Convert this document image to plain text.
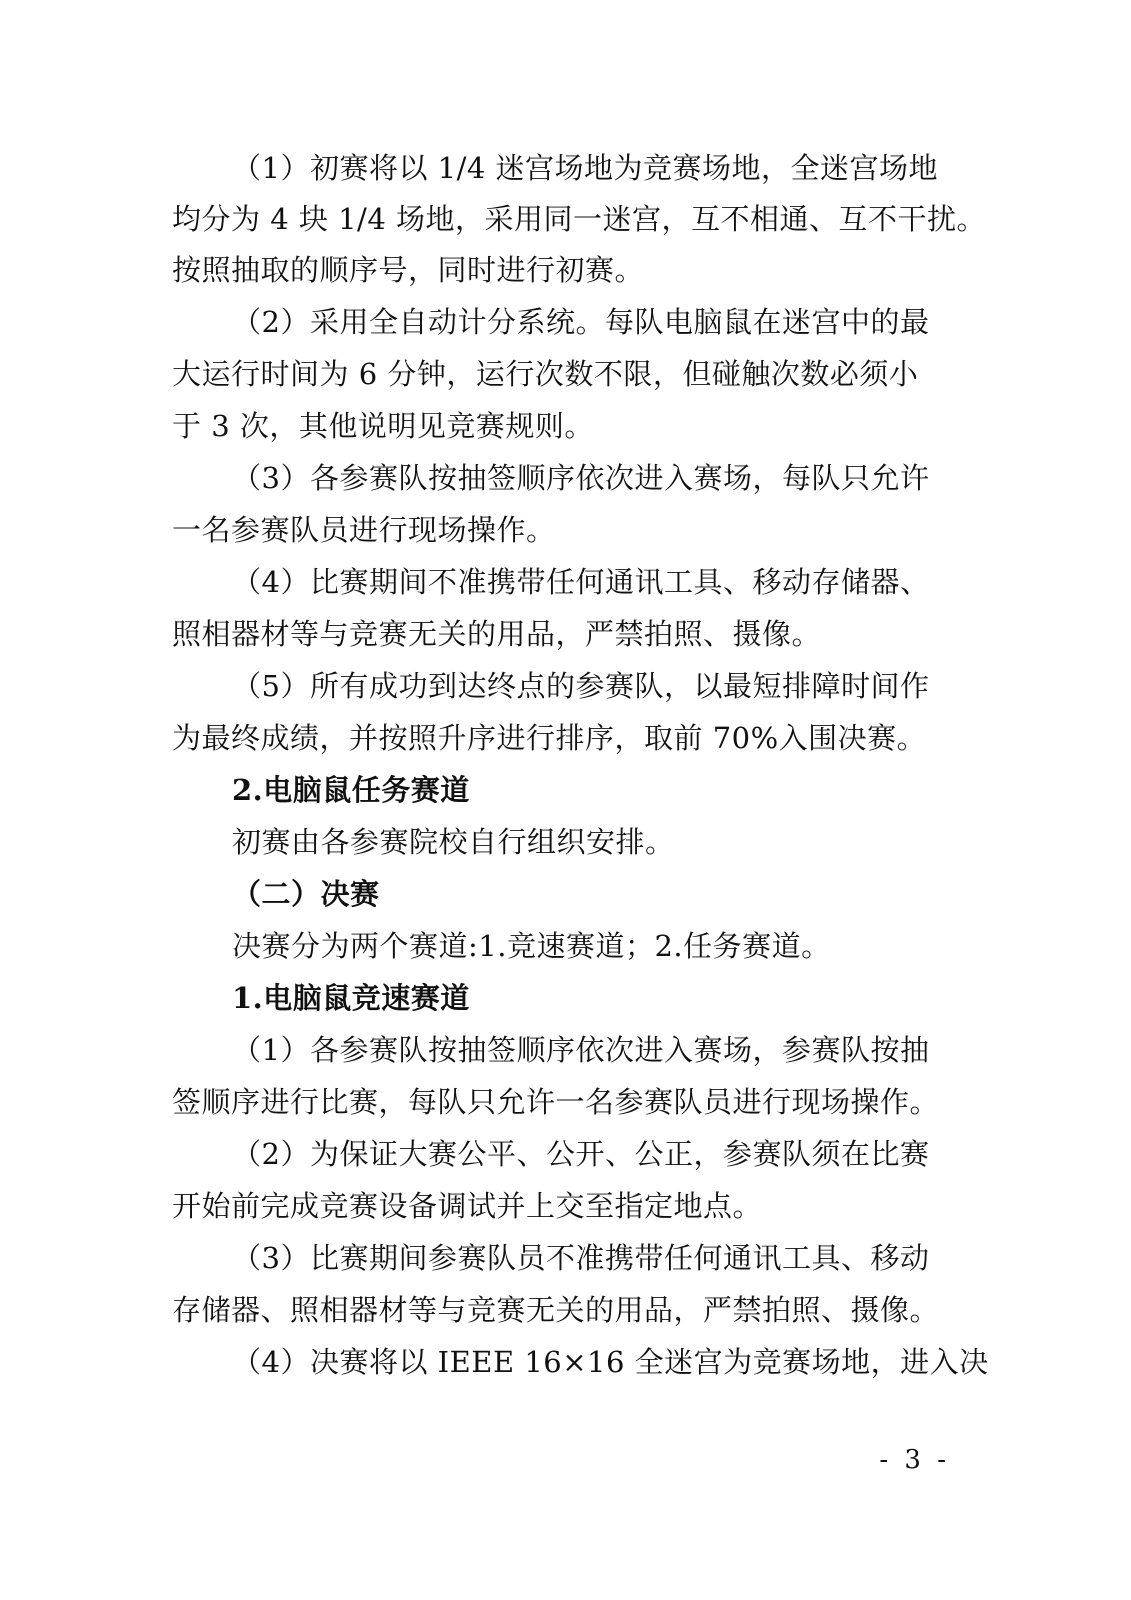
（1）初赛将以 1/4 迷宫场地为竞赛场地，全迷宫场地
均分为 4 块 1/4 场地，采用同一迷宫，互不相通、互不干扰。
按照抽取的顺序号，同时进行初赛。
（2）采用全自动计分系统。每队电脑鼠在迷宫中的最
大运行时间为 6 分钟，运行次数不限，但碰触次数必须小
于 3 次，其他说明见竞赛规则。
（3）各参赛队按抽签顺序依次进入赛场，每队只允许
一名参赛队员进行现场操作。
（4）比赛期间不准携带任何通讯工具、移动存储器、
照相器材等与竞赛无关的用品，严禁拍照、摄像。
（5）所有成功到达终点的参赛队，以最短排障时间作
为最终成绩，并按照升序进行排序，取前 70%入围决赛。
2.电脑鼠任务赛道
初赛由各参赛院校自行组织安排。
（二）决赛
决赛分为两个赛道:1.竞速赛道；2.任务赛道。
1.电脑鼠竞速赛道
（1）各参赛队按抽签顺序依次进入赛场，参赛队按抽
签顺序进行比赛，每队只允许一名参赛队员进行现场操作。
（2）为保证大赛公平、公开、公正，参赛队须在比赛
开始前完成竞赛设备调试并上交至指定地点。
（3）比赛期间参赛队员不准携带任何通讯工具、移动
存储器、照相器材等与竞赛无关的用品，严禁拍照、摄像。
（4）决赛将以 IEEE 16×16 全迷宫为竞赛场地，进入决
- 3 -
